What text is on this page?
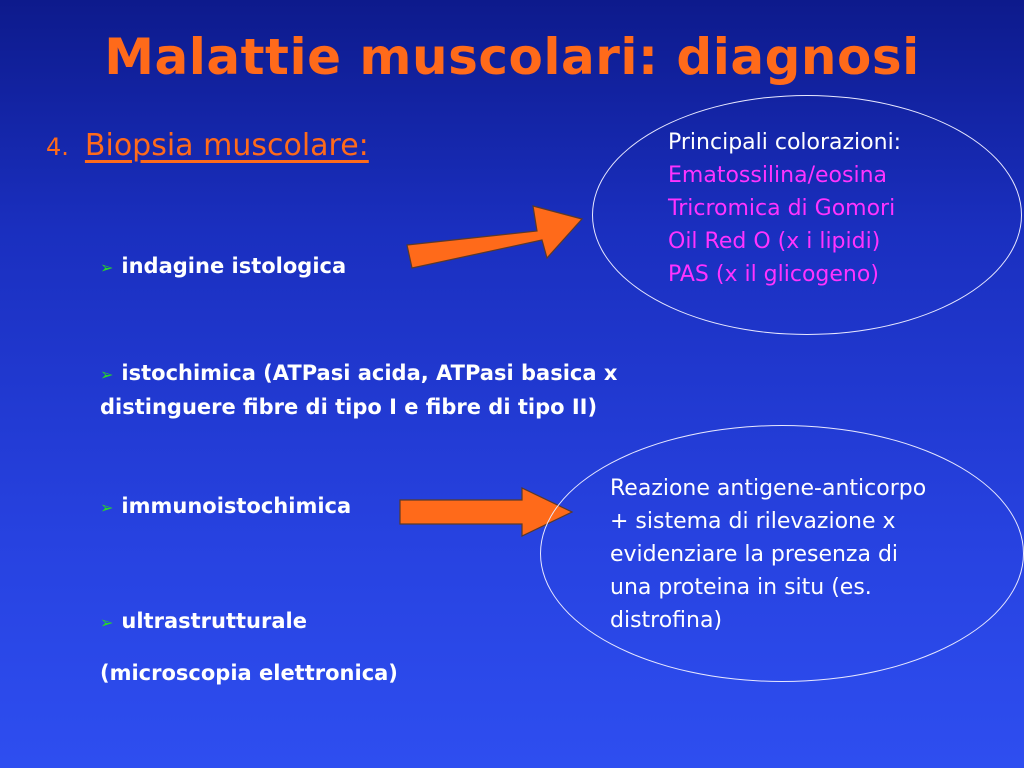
Malattie muscolari: diagnosi
4. Biopsia muscolare:
➢ indagine istologica
➢ istochimica (ATPasi acida, ATPasi basica x
distinguere fibre di tipo I e fibre di tipo II)
➢ immunoistochimica
➢ ultrastrutturale
(microscopia elettronica)
Principali colorazioni:
Ematossilina/eosina
Tricromica di Gomori
Oil Red O (x i lipidi)
PAS (x il glicogeno)
Reazione antigene-anticorpo
+ sistema di rilevazione x
evidenziare la presenza di
una proteina in situ (es.
distrofina)
